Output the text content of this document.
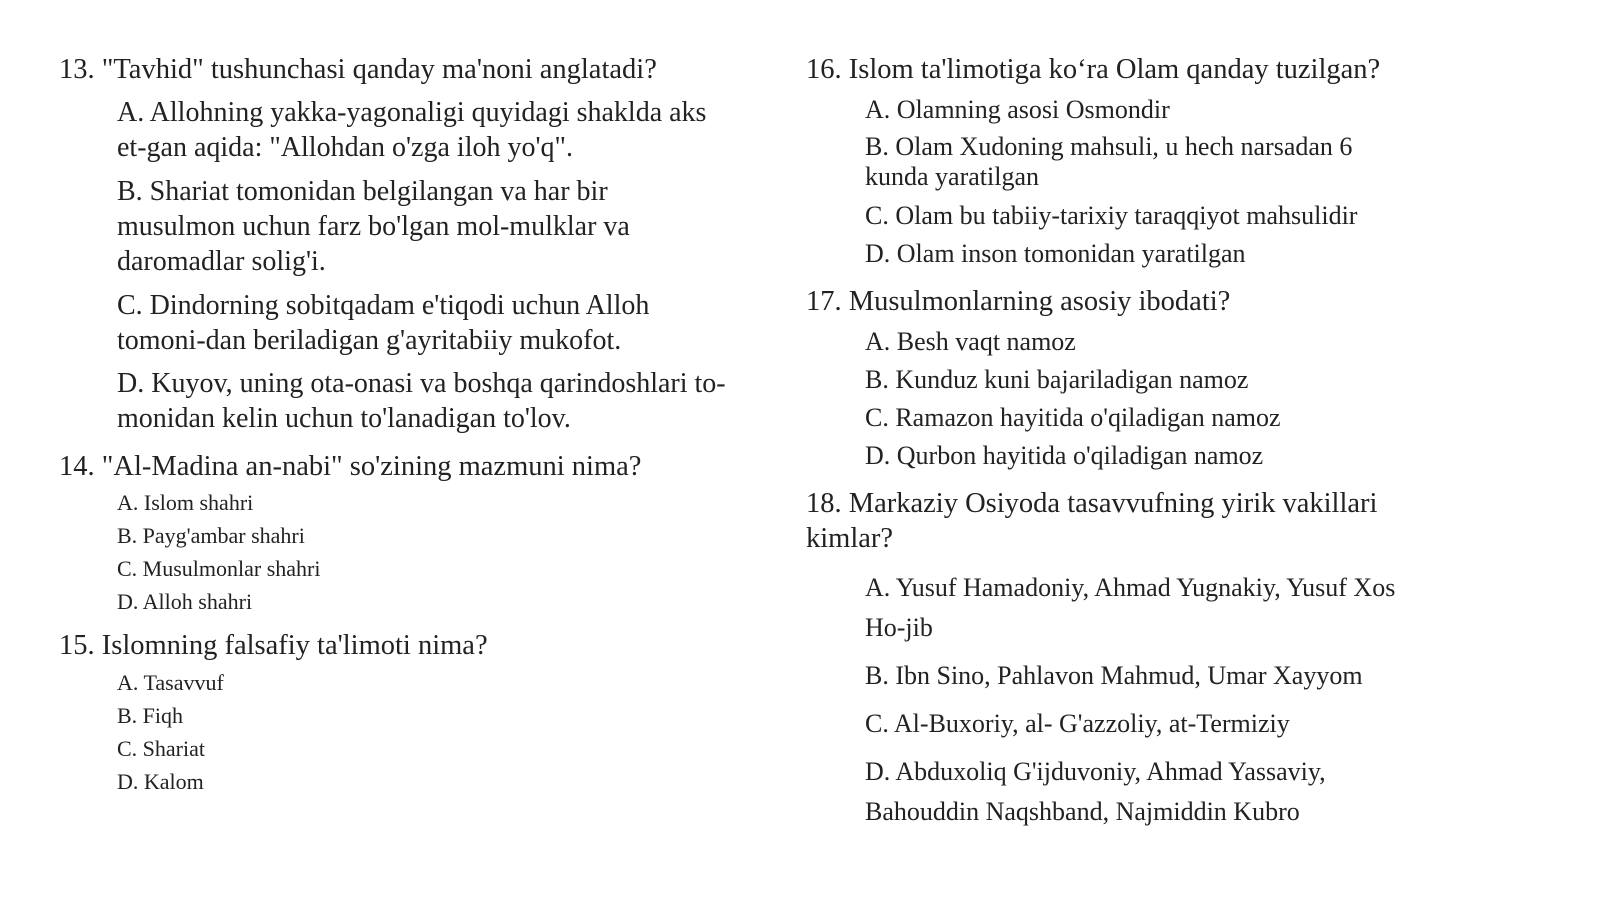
13. "Tavhid" tushunchasi qanday ma'noni anglatadi?
A. Allohning yakka-yagonaligi quyidagi shakldа aks
et-gan aqida: "Allohdan o'zga iloh yo'q".
B. Shariat tomonidan belgilangan va har bir
musulmon uchun farz bo'lgan mol-mulklar va
daromadlar solig'i.
C. Dindorning sobitqadam e'tiqodi uchun Alloh
tomoni-dan beriladigan g'ayritabiiy mukofot.
D. Kuyov, uning ota-onasi va boshqa qarindoshlari to-
monidan kelin uchun to'lanadigan to'lov.
14. "Al-Madina an-nabi" so'zining mazmuni nima?
A. Islom shahri
B. Payg'ambar shahri
C. Musulmonlar shahri
D. Alloh shahri
15. Islomning falsafiy ta'limoti nima?
A. Tasavvuf
B. Fiqh
C. Shariat
D. Kalom
16. Islom ta'limotiga ko‘ra Olam qanday tuzilgan?
A. Olamning asosi Osmondir
B. Olam Xudoning mahsuli, u hech narsadan 6
kunda yaratilgan
C. Olam bu tabiiy-tarixiy taraqqiyot mahsulidir
D. Olam inson tomonidan yaratilgan
17. Musulmonlarning asosiy ibodati?
A. Besh vaqt namoz
B. Kunduz kuni bajariladigan namoz
C. Ramazon hayitida o'qiladigan namoz
D. Qurbon hayitida o'qiladigan namoz
18. Markaziy Osiyoda tasavvufning yirik vakillari
kimlar?
A. Yusuf Hamadoniy, Ahmad Yugnakiy, Yusuf Xos
Ho-jib
B. Ibn Sino, Pahlavon Mahmud, Umar Xayyom
C. Al-Buxoriy, al- G'azzoliy, at-Termiziy
D. Abduxoliq G'ijduvoniy, Ahmad Yassaviy,
Bahouddin Naqshband, Najmiddin Kubro
